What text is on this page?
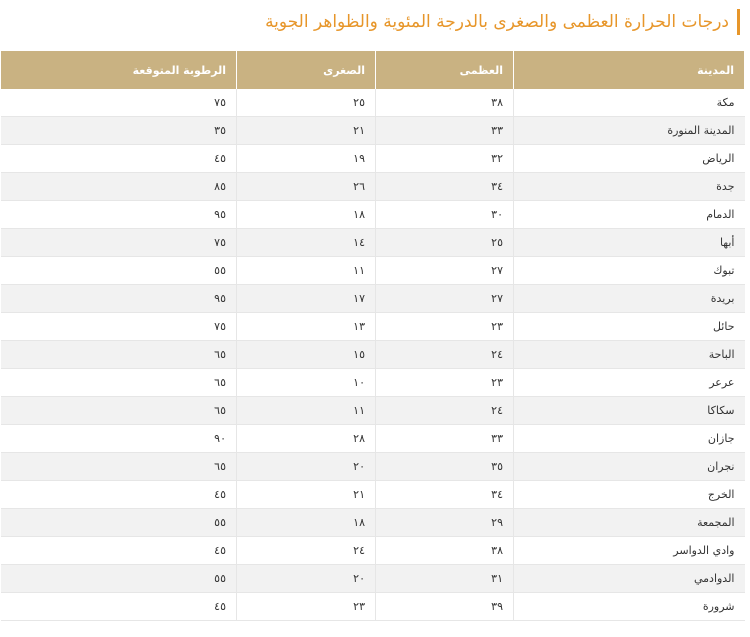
درجات الحرارة العظمى والصغرى بالدرجة المئوية والظواهر الجوية
المدينة	العظمى	الصغرى	الرطوبة المتوقعة
مكة	٣٨	٢٥	٧٥
المدينة المنورة	٣٣	٢١	٣٥
الرياض	٣٢	١٩	٤٥
جدة	٣٤	٢٦	٨٥
الدمام	٣٠	١٨	٩٥
أبها	٢٥	١٤	٧٥
تبوك	٢٧	١١	٥٥
بريدة	٢٧	١٧	٩٥
حائل	٢٣	١٣	٧٥
الباحة	٢٤	١٥	٦٥
عرعر	٢٣	١٠	٦٥
سكاكا	٢٤	١١	٦٥
جازان	٣٣	٢٨	٩٠
نجران	٣٥	٢٠	٦٥
الخرج	٣٤	٢١	٤٥
المجمعة	٢٩	١٨	٥٥
وادي الدواسر	٣٨	٢٤	٤٥
الدوادمي	٣١	٢٠	٥٥
شرورة	٣٩	٢٣	٤٥
